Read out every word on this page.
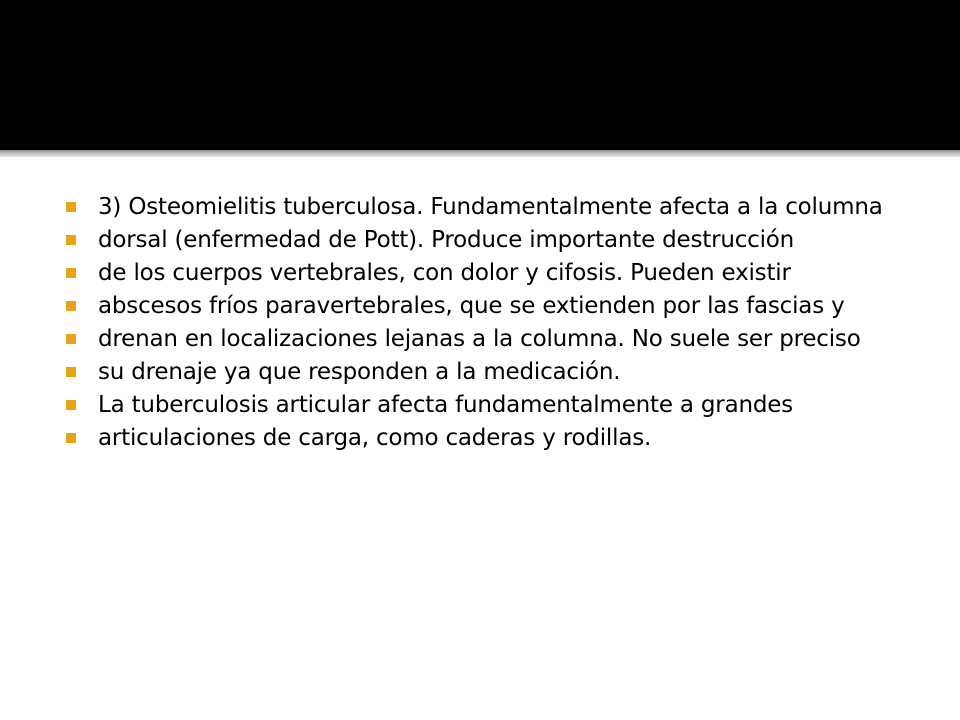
3) Osteomielitis tuberculosa. Fundamentalmente afecta a la columna
dorsal (enfermedad de Pott). Produce importante destrucción
de los cuerpos vertebrales, con dolor y cifosis. Pueden existir
abscesos fríos paravertebrales, que se extienden por las fascias y
drenan en localizaciones lejanas a la columna. No suele ser preciso
su drenaje ya que responden a la medicación.
La tuberculosis articular afecta fundamentalmente a grandes
articulaciones de carga, como caderas y rodillas.
